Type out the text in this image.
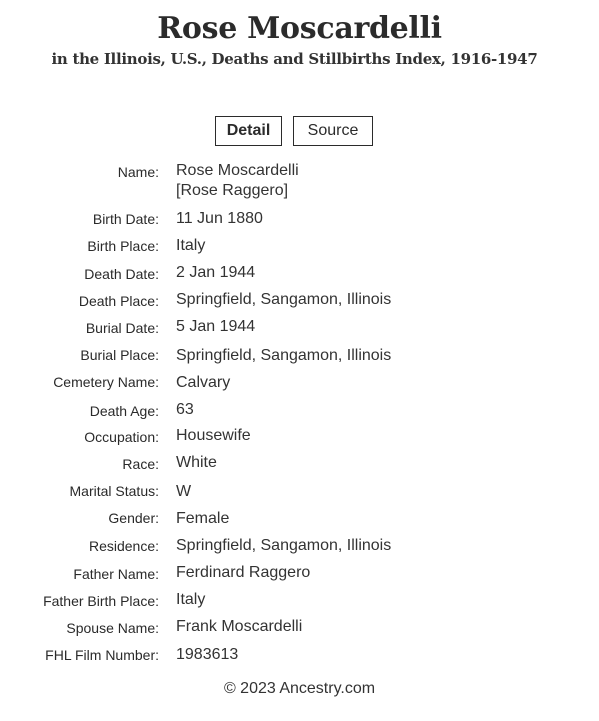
Rose Moscardelli
in the Illinois, U.S., Deaths and Stillbirths Index, 1916-1947
Detail	Source
Name: Rose Moscardelli
[Rose Raggero]
Birth Date: 11 Jun 1880
Birth Place: Italy
Death Date: 2 Jan 1944
Death Place: Springfield, Sangamon, Illinois
Burial Date: 5 Jan 1944
Burial Place: Springfield, Sangamon, Illinois
Cemetery Name: Calvary
Death Age: 63
Occupation: Housewife
Race: White
Marital Status: W
Gender: Female
Residence: Springfield, Sangamon, Illinois
Father Name: Ferdinard Raggero
Father Birth Place: Italy
Spouse Name: Frank Moscardelli
FHL Film Number: 1983613
© 2023 Ancestry.com
